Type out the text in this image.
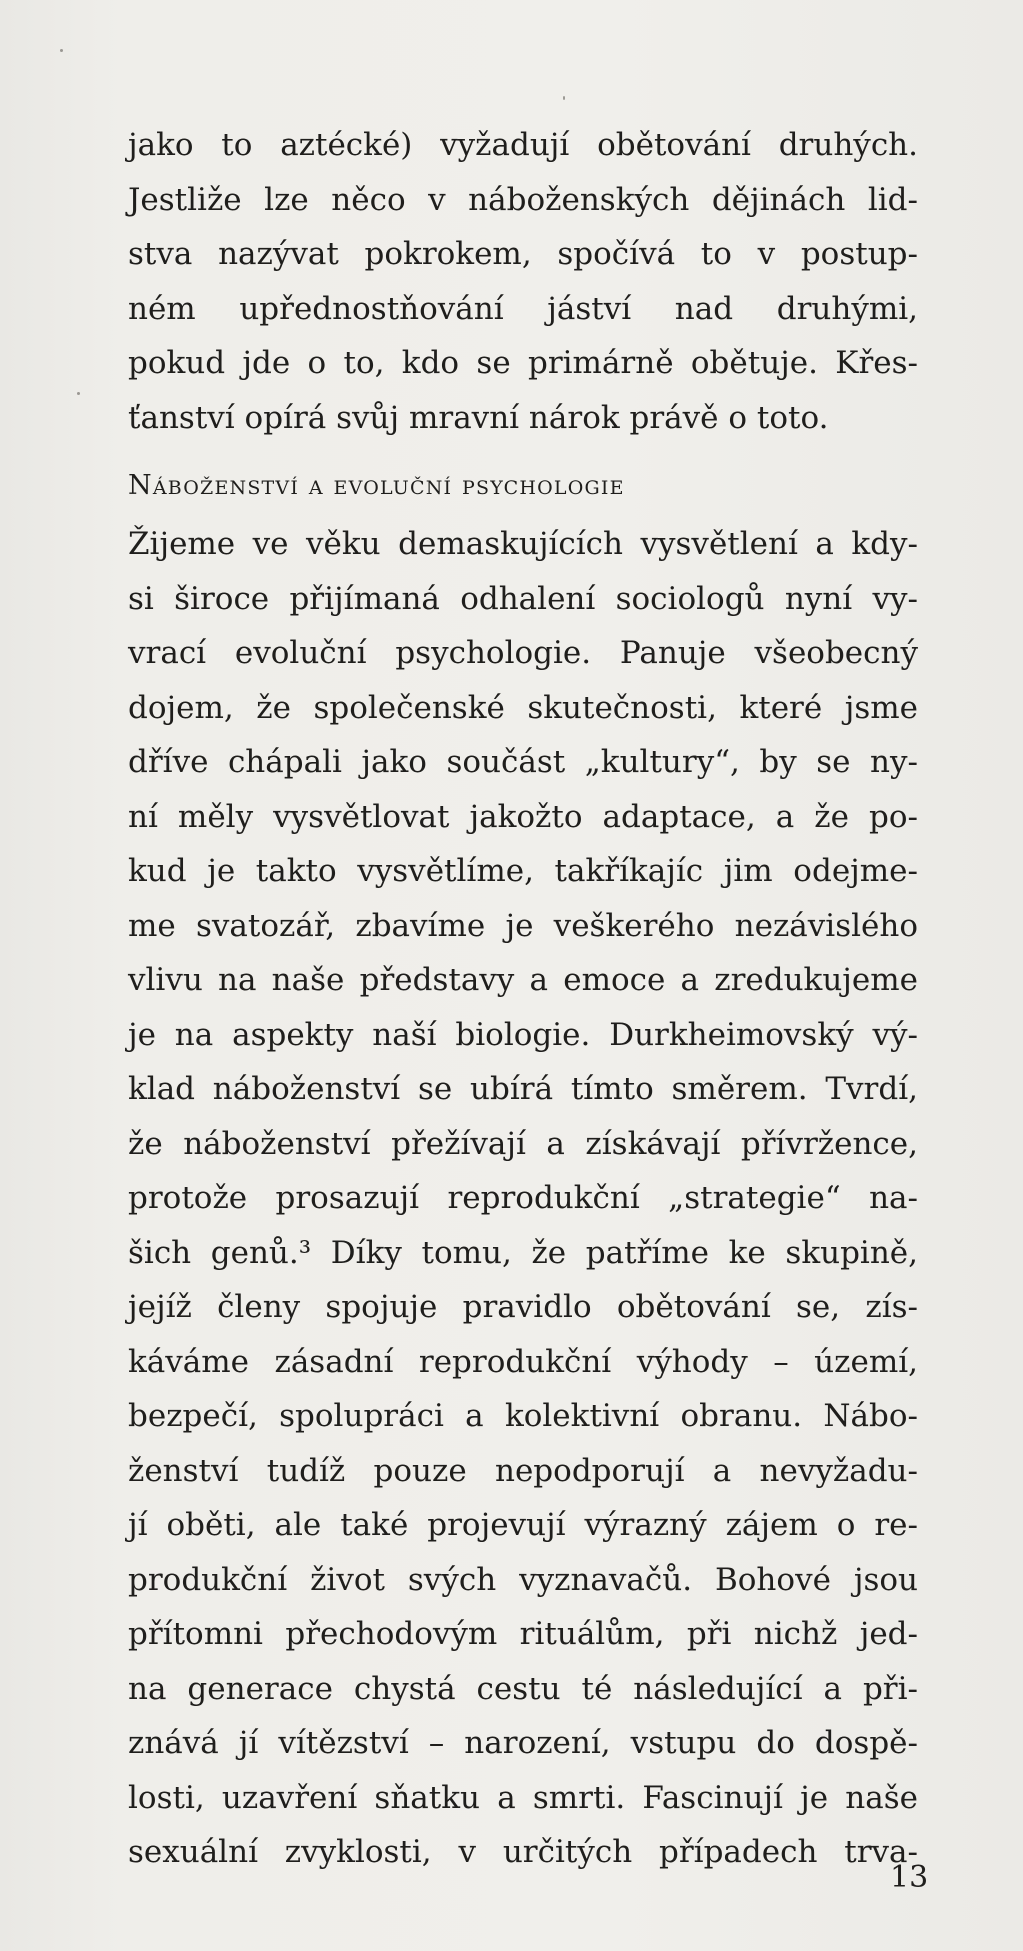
jako to aztécké) vyžadují obětování druhých.
Jestliže lze něco v náboženských dějinách lid-
stva nazývat pokrokem, spočívá to v postup-
ném upřednostňování jáství nad druhými,
pokud jde o to, kdo se primárně obětuje. Křes-
ťanství opírá svůj mravní nárok právě o toto.
Náboženství a evoluční psychologie
Žijeme ve věku demaskujících vysvětlení a kdy-
si široce přijímaná odhalení sociologů nyní vy-
vrací evoluční psychologie. Panuje všeobecný
dojem, že společenské skutečnosti, které jsme
dříve chápali jako součást „kultury“, by se ny-
ní měly vysvětlovat jakožto adaptace, a že po-
kud je takto vysvětlíme, takříkajíc jim odejme-
me svatozář, zbavíme je veškerého nezávislého
vlivu na naše představy a emoce a zredukujeme
je na aspekty naší biologie. Durkheimovský vý-
klad náboženství se ubírá tímto směrem. Tvrdí,
že náboženství přežívají a získávají přívržence,
protože prosazují reprodukční „strategie“ na-
šich genů.³ Díky tomu, že patříme ke skupině,
jejíž členy spojuje pravidlo obětování se, zís-
káváme zásadní reprodukční výhody – území,
bezpečí, spolupráci a kolektivní obranu. Nábo-
ženství tudíž pouze nepodporují a nevyžadu-
jí oběti, ale také projevují výrazný zájem o re-
produkční život svých vyznavačů. Bohové jsou
přítomni přechodovým rituálům, při nichž jed-
na generace chystá cestu té následující a při-
znává jí vítězství – narození, vstupu do dospě-
losti, uzavření sňatku a smrti. Fascinují je naše
sexuální zvyklosti, v určitých případech trva-
13
